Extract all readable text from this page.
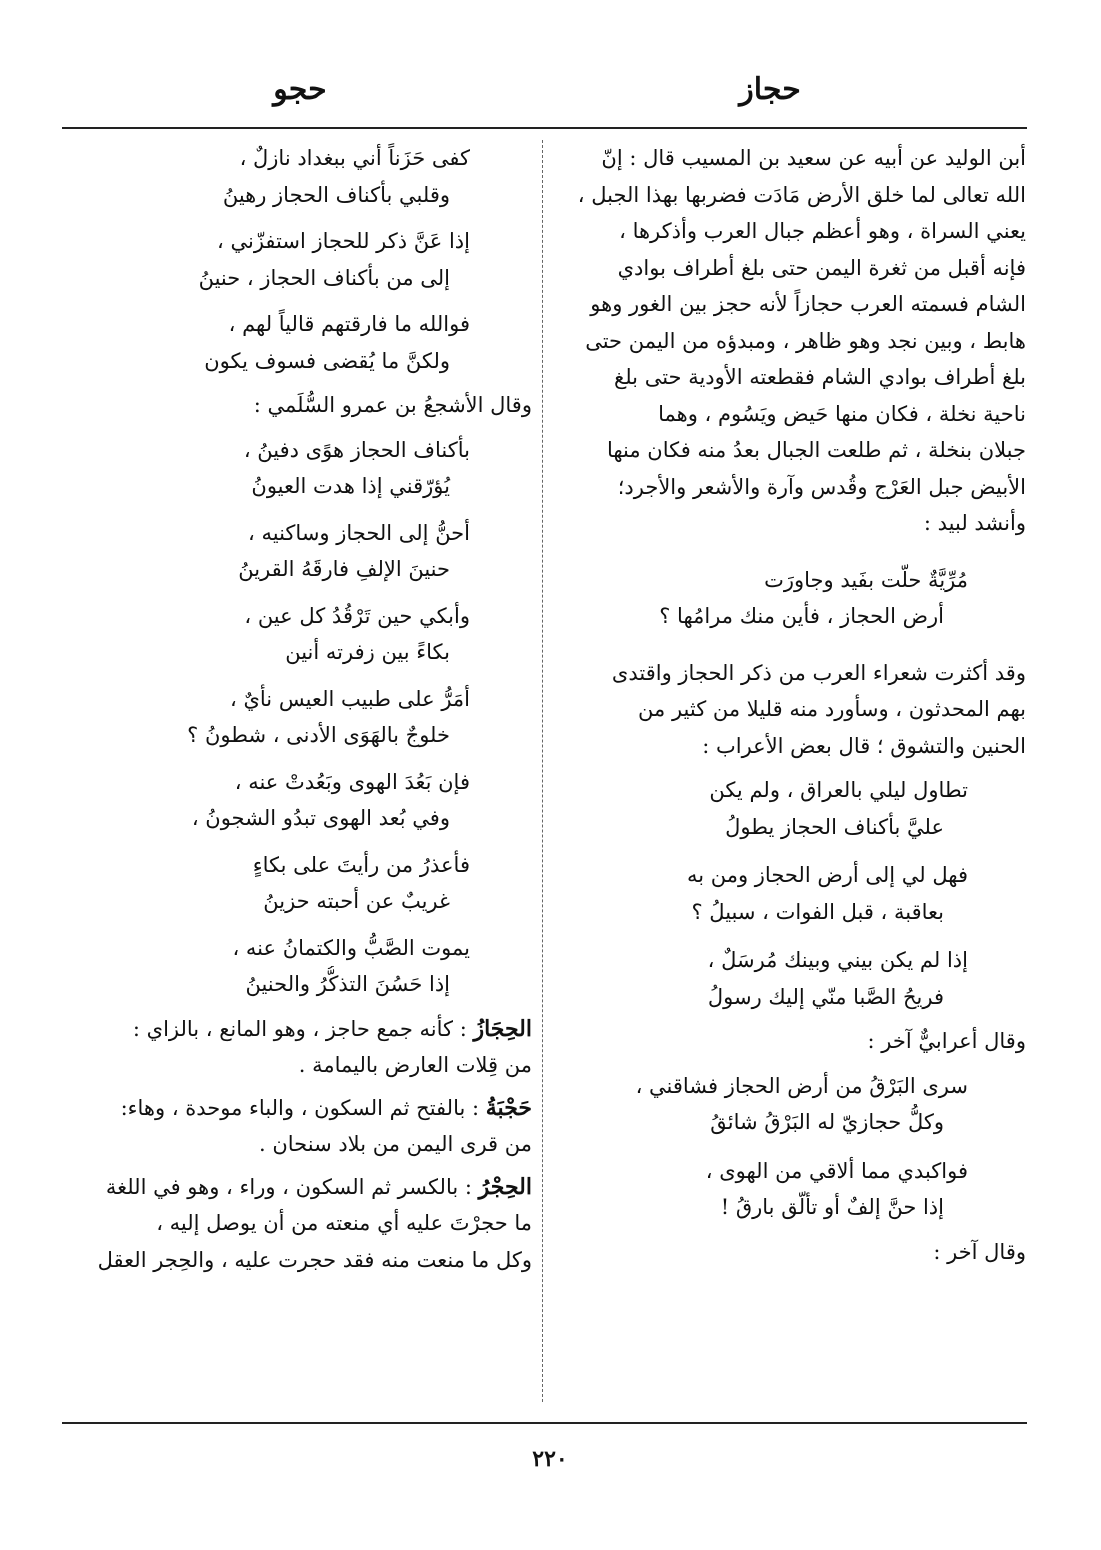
حجاز
حجو
أبن الوليد عن أبيه عن سعيد بن المسيب قال : إنّ
الله تعالى لما خلق الأرض مَادَت فضربها بهذا الجبل ،
يعني السراة ، وهو أعظم جبال العرب وأذكرها ،
فإنه أقبل من ثغرة اليمن حتى بلغ أطراف بوادي
الشام فسمته العرب حجازاً لأنه حجز بين الغور وهو
هابط ، وبين نجد وهو ظاهر ، ومبدؤه من اليمن حتى
بلغ أطراف بوادي الشام فقطعته الأودية حتى بلغ
ناحية نخلة ، فكان منها حَيض ويَسُوم ، وهما
جبلان بنخلة ، ثم طلعت الجبال بعدُ منه فكان منها
الأبيض جبل العَرْج وقُدس وآرة والأشعر والأجرد؛
وأنشد لبيد :
مُرِّيَّةٌ حلّت بفَيد وجاورَت
أرض الحجاز ، فأين منك مرامُها ؟
وقد أكثرت شعراء العرب من ذكر الحجاز واقتدى
بهم المحدثون ، وسأورد منه قليلا من كثير من
الحنين والتشوق ؛ قال بعض الأعراب :
تطاول ليلي بالعراق ، ولم يكن
عليَّ بأكناف الحجاز يطولُ
فهل لي إلى أرض الحجاز ومن به
بعاقبة ، قبل الفوات ، سبيلُ ؟
إذا لم يكن بيني وبينك مُرسَلٌ ،
فريحُ الصَّبا منّي إليك رسولُ
وقال أعرابيٌّ آخر :
سرى البَرْقُ من أرض الحجاز فشاقني ،
وكلُّ حجازيّ له البَرْقُ شائقُ
فواكبدي مما ألاقي من الهوى ،
إذا حنَّ إلفٌ أو تألّق بارقُ !
وقال آخر :
كفى حَزَناً أني ببغداد نازلٌ ،
وقلبي بأكناف الحجاز رهينُ
إذا عَنَّ ذكر للحجاز استفزّني ،
إلى من بأكناف الحجاز ، حنينُ
فوالله ما فارقتهم قالياً لهم ،
ولكنَّ ما يُقضى فسوف يكون
وقال الأشجعُ بن عمرو السُّلَمي :
بأكناف الحجاز هوًى دفينُ ،
يُؤرّقني إذا هدت العيونُ
أحنُّ إلى الحجاز وساكنيه ،
حنينَ الإلفِ فارقَهُ القرينُ
وأبكي حين تَرْقُدُ كل عين ،
بكاءً بين زفرته أنين
أمَرُّ على طبيب العيس نأيٌ ،
خلوجٌ بالهَوَى الأدنى ، شطونُ ؟
فإن بَعُدَ الهوى وبَعُدتْ عنه ،
وفي بُعد الهوى تبدُو الشجونُ ،
فأعذرُ من رأيتَ على بكاءٍ
غريبٌ عن أحبته حزينُ
يموت الصَّبُّ والكتمانُ عنه ،
إذا حَسُنَ التذكُّرُ والحنينُ
الحِجَازُ : كأنه جمع حاجز ، وهو المانع ، بالزاي :
من قِلات العارض باليمامة .
حَجْبَةُ : بالفتح ثم السكون ، والباء موحدة ، وهاء:
من قرى اليمن من بلاد سنحان .
الحِجْرُ : بالكسر ثم السكون ، وراء ، وهو في اللغة
ما حجرْتَ عليه أي منعته من أن يوصل إليه ،
وكل ما منعت منه فقد حجرت عليه ، والحِجر العقل
٢٢٠
